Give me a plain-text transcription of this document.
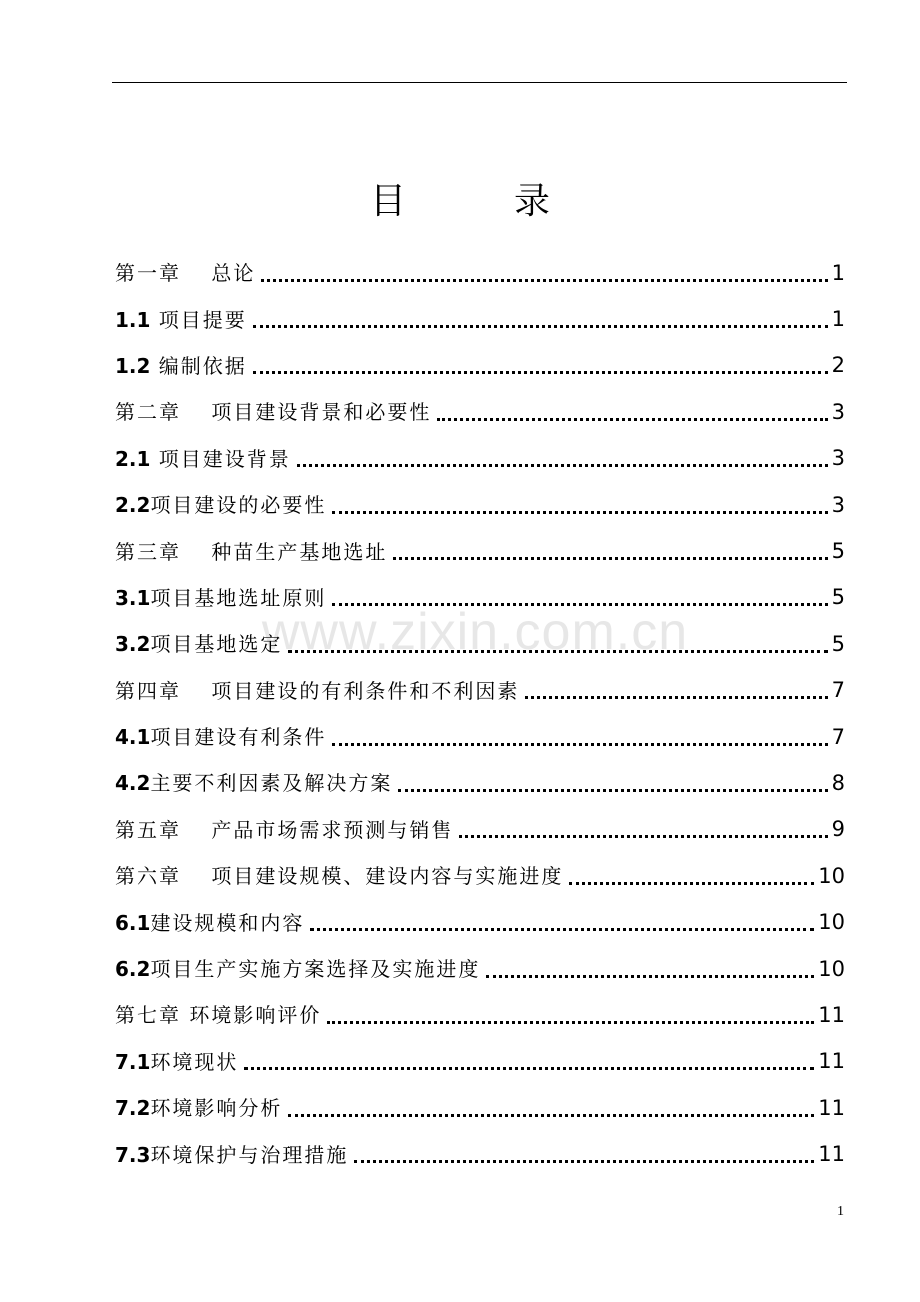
目	录
www.zixin.com.cn
第一章　 总论	1
1.1 项目提要	1
1.2 编制依据	2
第二章　 项目建设背景和必要性	3
2.1 项目建设背景	3
2.2项目建设的必要性	3
第三章　 种苗生产基地选址	5
3.1项目基地选址原则	5
3.2项目基地选定	5
第四章　 项目建设的有利条件和不利因素	7
4.1项目建设有利条件	7
4.2主要不利因素及解决方案	8
第五章　 产品市场需求预测与销售	9
第六章　 项目建设规模、建设内容与实施进度	10
6.1建设规模和内容	10
6.2项目生产实施方案选择及实施进度	10
第七章 环境影响评价	11
7.1环境现状	11
7.2环境影响分析	11
7.3环境保护与治理措施	11
1
